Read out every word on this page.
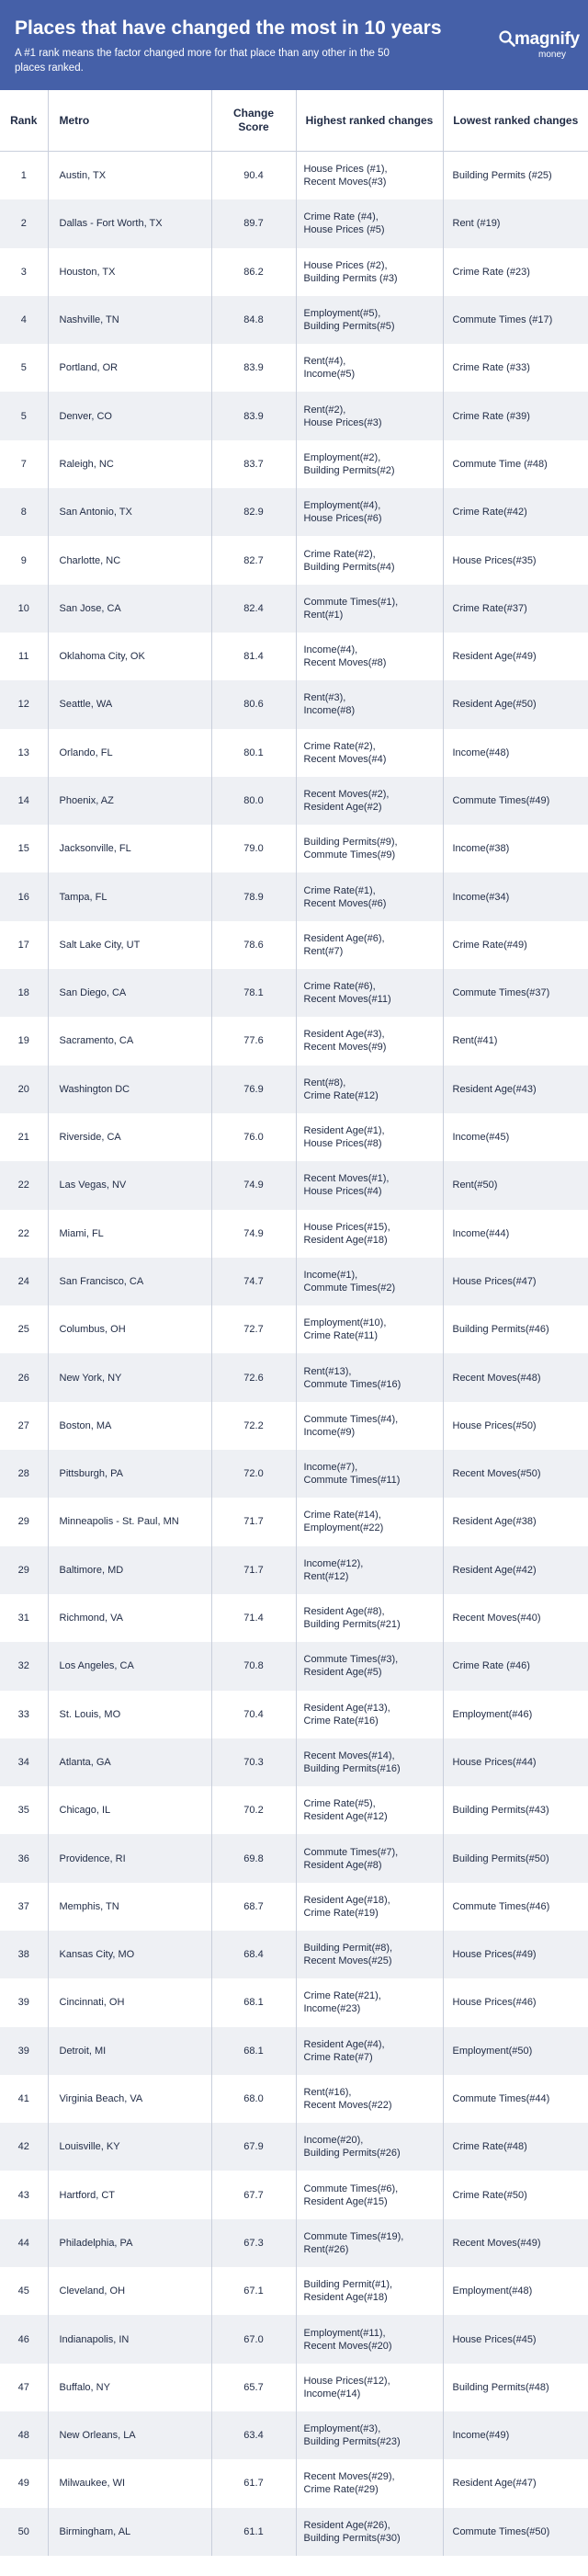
Places that have changed the most in 10 years
A #1 rank means the factor changed more for that place than any other in the 50 places ranked.
magnify
money
Rank	Metro	Change Score	Highest ranked changes	Lowest ranked changes

1	Austin, TX	90.4	House Prices (#1),
Recent Moves(#3)	Building Permits (#25)

2	Dallas - Fort Worth, TX	89.7	Crime Rate (#4),
House Prices (#5)	Rent (#19)

3	Houston, TX	86.2	House Prices (#2),
Building Permits (#3)	Crime Rate (#23)

4	Nashville, TN	84.8	Employment(#5),
Building Permits(#5)	Commute Times (#17)

5	Portland, OR	83.9	Rent(#4),
Income(#5)	Crime Rate (#33)

5	Denver, CO	83.9	Rent(#2),
House Prices(#3)	Crime Rate (#39)

7	Raleigh, NC	83.7	Employment(#2),
Building Permits(#2)	Commute Time (#48)

8	San Antonio, TX	82.9	Employment(#4),
House Prices(#6)	Crime Rate(#42)

9	Charlotte, NC	82.7	Crime Rate(#2),
Building Permits(#4)	House Prices(#35)

10	San Jose, CA	82.4	Commute Times(#1),
Rent(#1)	Crime Rate(#37)

11	Oklahoma City, OK	81.4	Income(#4),
Recent Moves(#8)	Resident Age(#49)

12	Seattle, WA	80.6	Rent(#3),
Income(#8)	Resident Age(#50)

13	Orlando, FL	80.1	Crime Rate(#2),
Recent Moves(#4)	Income(#48)

14	Phoenix, AZ	80.0	Recent Moves(#2),
Resident Age(#2)	Commute Times(#49)

15	Jacksonville, FL	79.0	Building Permits(#9),
Commute Times(#9)	Income(#38)

16	Tampa, FL	78.9	Crime Rate(#1),
Recent Moves(#6)	Income(#34)

17	Salt Lake City, UT	78.6	Resident Age(#6),
Rent(#7)	Crime Rate(#49)

18	San Diego, CA	78.1	Crime Rate(#6),
Recent Moves(#11)	Commute Times(#37)

19	Sacramento, CA	77.6	Resident Age(#3),
Recent Moves(#9)	Rent(#41)

20	Washington DC	76.9	Rent(#8),
Crime Rate(#12)	Resident Age(#43)

21	Riverside, CA	76.0	Resident Age(#1),
House Prices(#8)	Income(#45)

22	Las Vegas, NV	74.9	Recent Moves(#1),
House Prices(#4)	Rent(#50)

22	Miami, FL	74.9	House Prices(#15),
Resident Age(#18)	Income(#44)

24	San Francisco, CA	74.7	Income(#1),
Commute Times(#2)	House Prices(#47)

25	Columbus, OH	72.7	Employment(#10),
Crime Rate(#11)	Building Permits(#46)

26	New York, NY	72.6	Rent(#13),
Commute Times(#16)	Recent Moves(#48)

27	Boston, MA	72.2	Commute Times(#4),
Income(#9)	House Prices(#50)

28	Pittsburgh, PA	72.0	Income(#7),
Commute Times(#11)	Recent Moves(#50)

29	Minneapolis - St. Paul, MN	71.7	Crime Rate(#14),
Employment(#22)	Resident Age(#38)

29	Baltimore, MD	71.7	Income(#12),
Rent(#12)	Resident Age(#42)

31	Richmond, VA	71.4	Resident Age(#8),
Building Permits(#21)	Recent Moves(#40)

32	Los Angeles, CA	70.8	Commute Times(#3),
Resident Age(#5)	Crime Rate (#46)

33	St. Louis, MO	70.4	Resident Age(#13),
Crime Rate(#16)	Employment(#46)

34	Atlanta, GA	70.3	Recent Moves(#14),
Building Permits(#16)	House Prices(#44)

35	Chicago, IL	70.2	Crime Rate(#5),
Resident Age(#12)	Building Permits(#43)

36	Providence, RI	69.8	Commute Times(#7),
Resident Age(#8)	Building Permits(#50)

37	Memphis, TN	68.7	Resident Age(#18),
Crime Rate(#19)	Commute Times(#46)

38	Kansas City, MO	68.4	Building Permit(#8),
Recent Moves(#25)	House Prices(#49)

39	Cincinnati, OH	68.1	Crime Rate(#21),
Income(#23)	House Prices(#46)

39	Detroit, MI	68.1	Resident Age(#4),
Crime Rate(#7)	Employment(#50)

41	Virginia Beach, VA	68.0	Rent(#16),
Recent Moves(#22)	Commute Times(#44)

42	Louisville, KY	67.9	Income(#20),
Building Permits(#26)	Crime Rate(#48)

43	Hartford, CT	67.7	Commute Times(#6),
Resident Age(#15)	Crime Rate(#50)

44	Philadelphia, PA	67.3	Commute Times(#19),
Rent(#26)	Recent Moves(#49)

45	Cleveland, OH	67.1	Building Permit(#1),
Resident Age(#18)	Employment(#48)

46	Indianapolis, IN	67.0	Employment(#11),
Recent Moves(#20)	House Prices(#45)

47	Buffalo, NY	65.7	House Prices(#12),
Income(#14)	Building Permits(#48)

48	New Orleans, LA	63.4	Employment(#3),
Building Permits(#23)	Income(#49)

49	Milwaukee, WI	61.7	Recent Moves(#29),
Crime Rate(#29)	Resident Age(#47)

50	Birmingham, AL	61.1	Resident Age(#26),
Building Permits(#30)	Commute Times(#50)
